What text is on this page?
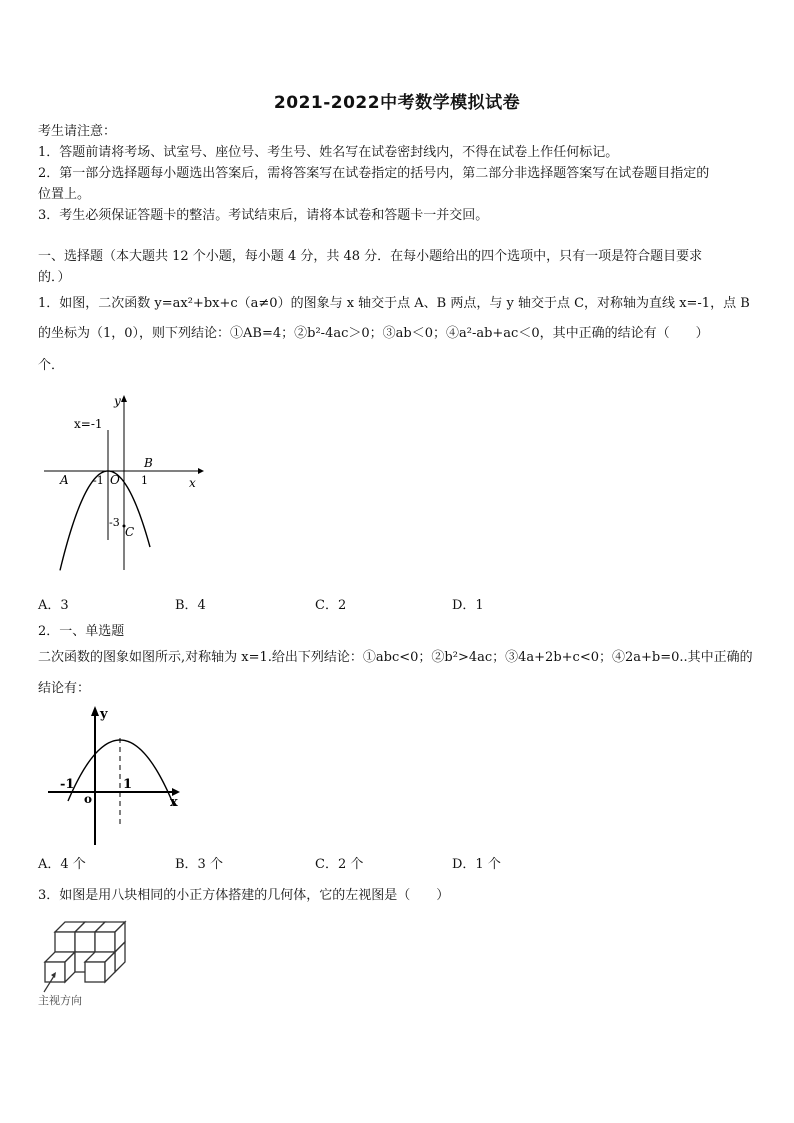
2021-2022中考数学模拟试卷
考生请注意：
1．答题前请将考场、试室号、座位号、考生号、姓名写在试卷密封线内，不得在试卷上作任何标记。
2．第一部分选择题每小题选出答案后，需将答案写在试卷指定的括号内，第二部分非选择题答案写在试卷题目指定的
位置上。
3．考生必须保证答题卡的整洁。考试结束后，请将本试卷和答题卡一并交回。
一、选择题（本大题共 12 个小题，每小题 4 分，共 48 分．在每小题给出的四个选项中，只有一项是符合题目要求
的．）
1．如图，二次函数 y=ax²+bx+c（a≠0）的图象与 x 轴交于点 A、B 两点，与 y 轴交于点 C，对称轴为直线 x=-1，点 B
的坐标为（1，0），则下列结论：①AB=4；②b²-4ac＞0；③ab＜0；④a²-ab+ac＜0，其中正确的结论有（　　）
个．
x=-1
y
x
A
B
C
O
-1	1
-3
A．3	B．4	C．2	D．1
2．一、单选题
二次函数的图象如图所示,对称轴为 x=1.给出下列结论：①abc<0；②b²>4ac；③4a+2b+c<0；④2a+b=0..其中正确的
结论有：
y
x
o
-1	1
A．4 个	B．3 个	C．2 个	D．1 个
3．如图是用八块相同的小正方体搭建的几何体，它的左视图是（　　）
主视方向
